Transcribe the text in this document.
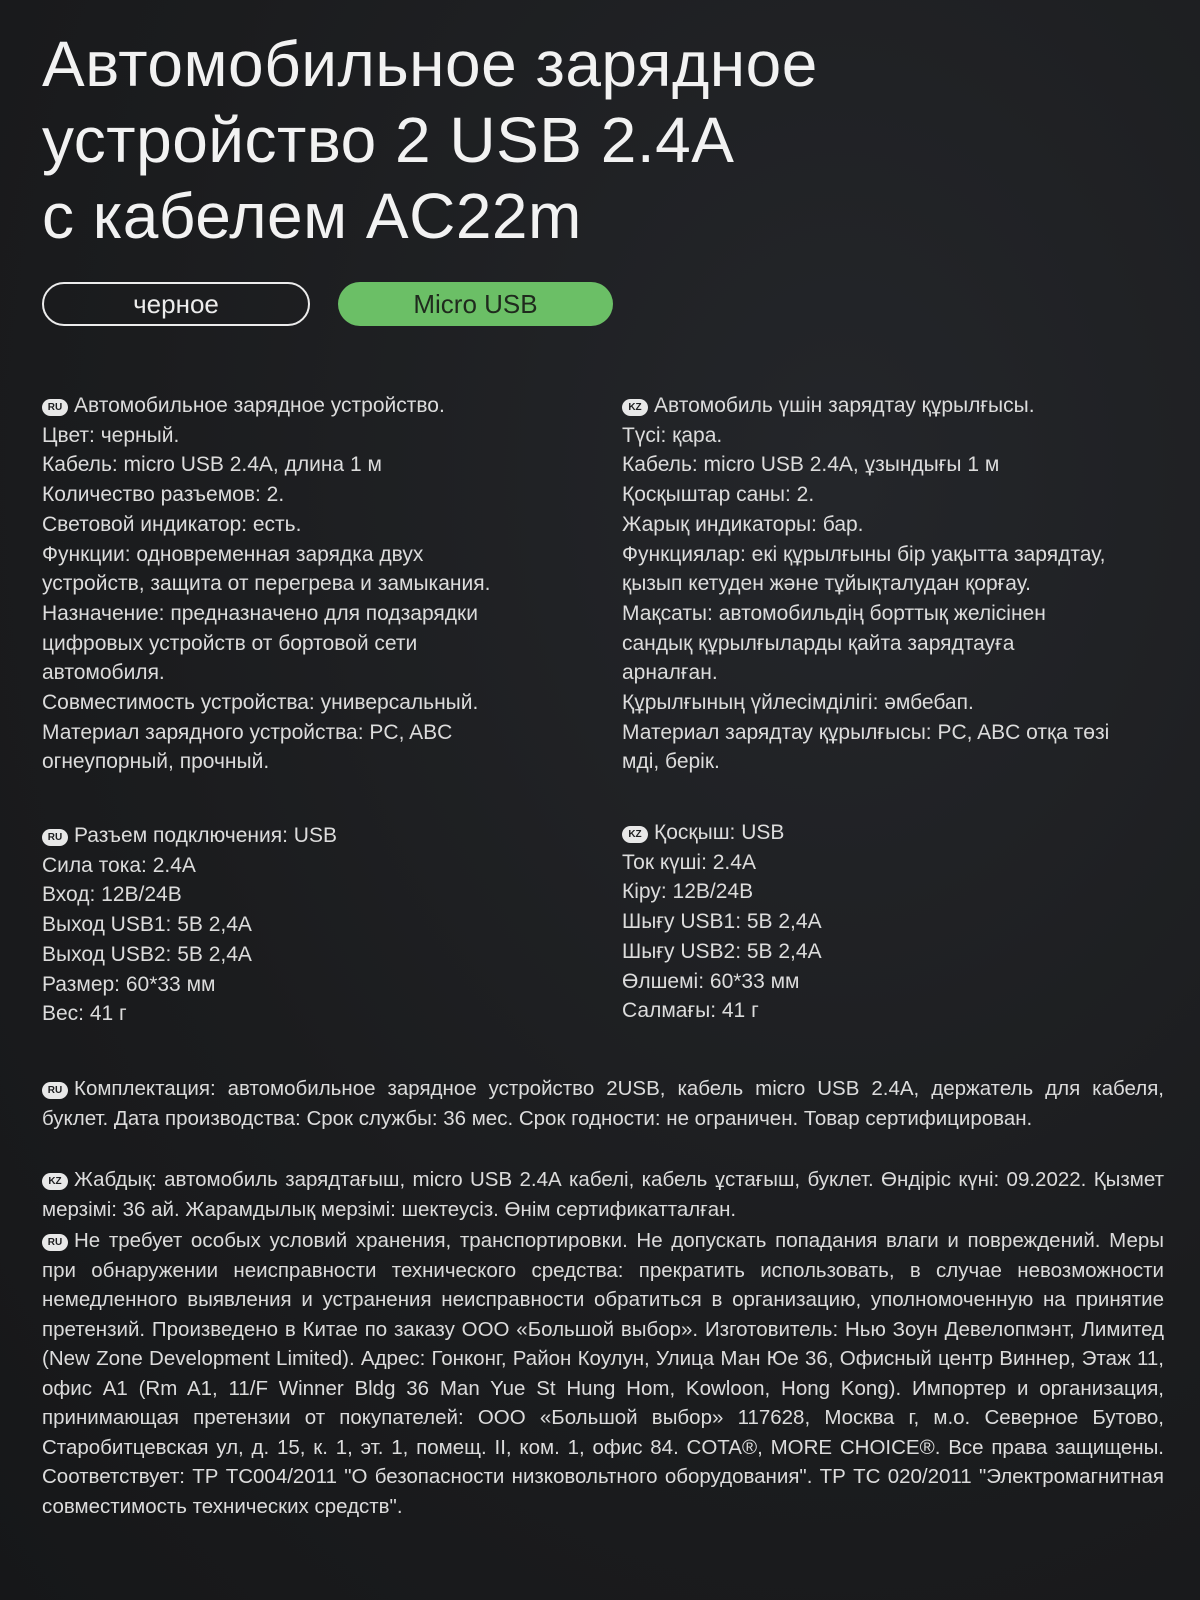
Автомобильное зарядное
устройство 2 USB 2.4A
с кабелем AC22m
черное	Micro USB
RU Автомобильное зарядное устройство.
Цвет: черный.
Кабель: micro USB 2.4А, длина 1 м
Количество разъемов: 2.
Световой индикатор: есть.
Функции: одновременная зарядка двух
устройств, защита от перегрева и замыкания.
Назначение: предназначено для подзарядки
цифровых устройств от бортовой сети
автомобиля.
Совместимость устройства: универсальный.
Материал зарядного устройства: PC, ABC
огнеупорный, прочный.
KZ Автомобиль үшін зарядтау құрылғысы.
Түсі: қара.
Кабель: micro USB 2.4А, ұзындығы 1 м
Қосқыштар саны: 2.
Жарық индикаторы: бар.
Функциялар: екі құрылғыны бір уақытта зарядтау,
қызып кетуден және тұйықталудан қорғау.
Мақсаты: автомобильдің борттық желісінен
сандық құрылғыларды қайта зарядтауға
арналған.
Құрылғының үйлесімділігі: әмбебап.
Материал зарядтау құрылғысы: PC, ABC отқа төзі
мді, берік.
RU Разъем подключения: USB
Сила тока: 2.4А
Вход: 12В/24В
Выход USB1: 5В 2,4А
Выход USB2: 5В 2,4А
Размер: 60*33 мм
Вес: 41 г
KZ Қосқыш: USB
Ток күші: 2.4А
Кіру: 12В/24В
Шығу USB1: 5В 2,4А
Шығу USB2: 5В 2,4А
Өлшемі: 60*33 мм
Салмағы: 41 г
RU Комплектация: автомобильное зарядное устройство 2USB, кабель micro USB 2.4А, держатель для кабеля, буклет. Дата производства: Срок службы: 36 мес. Срок годности: не ограничен. Товар сертифицирован.
KZ Жабдық: автомобиль зарядтағыш, micro USB 2.4А кабелі, кабель ұстағыш, буклет. Өндіріс күні: 09.2022. Қызмет мерзімі: 36 ай. Жарамдылық мерзімі: шектеусіз. Өнім сертификатталған.
RU Не требует особых условий хранения, транспортировки. Не допускать попадания влаги и повреждений. Меры при обнаружении неисправности технического средства: прекратить использовать, в случае невозможности немедленного выявления и устранения неисправности обратиться в организацию, уполномоченную на принятие претензий. Произведено в Китае по заказу ООО «Большой выбор». Изготовитель: Нью Зоун Девелопмэнт, Лимитед (New Zone Development Limited). Адрес: Гонконг, Район Коулун, Улица Ман Юе 36, Офисный центр Виннер, Этаж 11, офис A1 (Rm A1, 11/F Winner Bldg 36 Man Yue St Hung Hom, Kowloon, Hong Kong). Импортер и организация, принимающая претензии от покупателей: ООО «Большой выбор» 117628, Москва г, м.о. Северное Бутово, Старобитцевская ул, д. 15, к. 1, эт. 1, помещ. II, ком. 1, офис 84. COTA®, MORE CHOICE®. Все права защищены. Соответствует: ТР ТС004/2011 "О безопасности низковольтного оборудования". ТР ТС 020/2011 "Электромагнитная совместимость технических средств".
